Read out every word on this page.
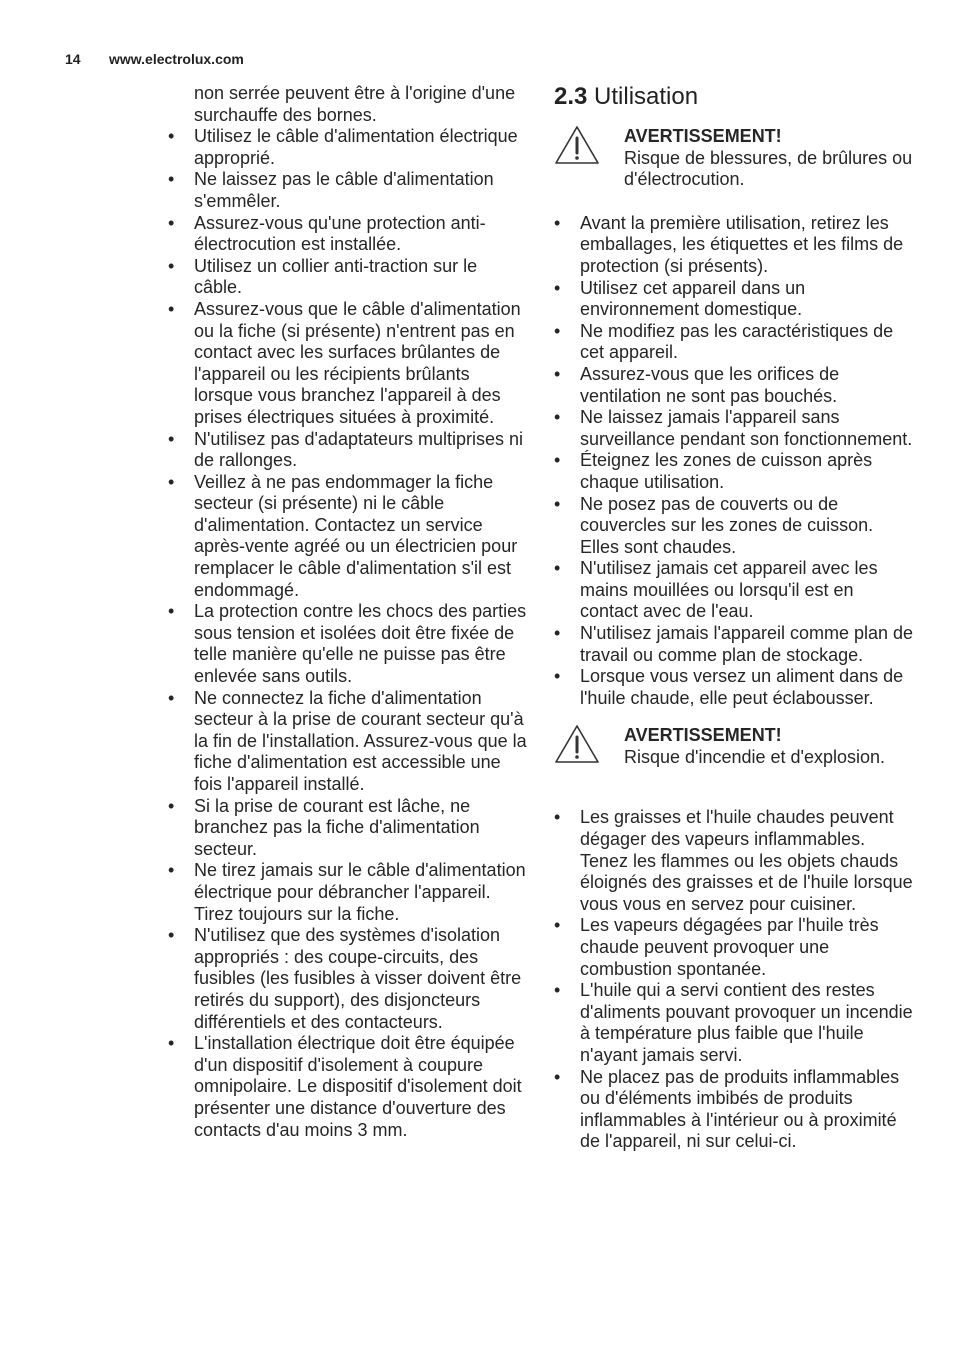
14 www.electrolux.com

non serrée peuvent être à l'origine d'une surchauffe des bornes.

•	Utilisez le câble d'alimentation électrique approprié.
•	Ne laissez pas le câble d'alimentation s'emmêler.
•	Assurez-vous qu'une protection anti-électrocution est installée.
•	Utilisez un collier anti-traction sur le câble.
•	Assurez-vous que le câble d'alimentation ou la fiche (si présente) n'entrent pas en contact avec les surfaces brûlantes de l'appareil ou les récipients brûlants lorsque vous branchez l'appareil à des prises électriques situées à proximité.
•	N'utilisez pas d'adaptateurs multiprises ni de rallonges.
•	Veillez à ne pas endommager la fiche secteur (si présente) ni le câble d'alimentation. Contactez un service après-vente agréé ou un électricien pour remplacer le câble d'alimentation s'il est endommagé.
•	La protection contre les chocs des parties sous tension et isolées doit être fixée de telle manière qu'elle ne puisse pas être enlevée sans outils.
•	Ne connectez la fiche d'alimentation secteur à la prise de courant secteur qu'à la fin de l'installation. Assurez-vous que la fiche d'alimentation est accessible une fois l'appareil installé.
•	Si la prise de courant est lâche, ne branchez pas la fiche d'alimentation secteur.
•	Ne tirez jamais sur le câble d'alimentation électrique pour débrancher l'appareil. Tirez toujours sur la fiche.
•	N'utilisez que des systèmes d'isolation appropriés : des coupe-circuits, des fusibles (les fusibles à visser doivent être retirés du support), des disjoncteurs différentiels et des contacteurs.
•	L'installation électrique doit être équipée d'un dispositif d'isolement à coupure omnipolaire. Le dispositif d'isolement doit présenter une distance d'ouverture des contacts d'au moins 3 mm.
2.3 Utilisation
AVERTISSEMENT!
Risque de blessures, de brûlures ou d'électrocution.
•	Avant la première utilisation, retirez les emballages, les étiquettes et les films de protection (si présents).
•	Utilisez cet appareil dans un environnement domestique.
•	Ne modifiez pas les caractéristiques de cet appareil.
•	Assurez-vous que les orifices de ventilation ne sont pas bouchés.
•	Ne laissez jamais l'appareil sans surveillance pendant son fonctionnement.
•	Éteignez les zones de cuisson après chaque utilisation.
•	Ne posez pas de couverts ou de couvercles sur les zones de cuisson. Elles sont chaudes.
•	N'utilisez jamais cet appareil avec les mains mouillées ou lorsqu'il est en contact avec de l'eau.
•	N'utilisez jamais l'appareil comme plan de travail ou comme plan de stockage.
•	Lorsque vous versez un aliment dans de l'huile chaude, elle peut éclabousser.
AVERTISSEMENT!
Risque d'incendie et d'explosion.
•	Les graisses et l'huile chaudes peuvent dégager des vapeurs inflammables. Tenez les flammes ou les objets chauds éloignés des graisses et de l'huile lorsque vous vous en servez pour cuisiner.
•	Les vapeurs dégagées par l'huile très chaude peuvent provoquer une combustion spontanée.
•	L'huile qui a servi contient des restes d'aliments pouvant provoquer un incendie à température plus faible que l'huile n'ayant jamais servi.
•	Ne placez pas de produits inflammables ou d'éléments imbibés de produits inflammables à l'intérieur ou à proximité de l'appareil, ni sur celui-ci.
